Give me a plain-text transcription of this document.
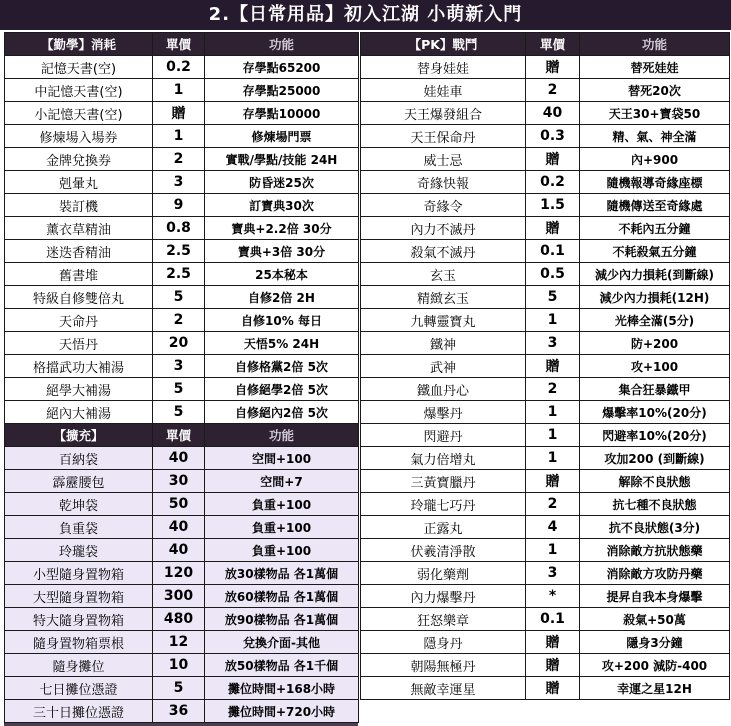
2.【日常用品】初入江湖 小萌新入門
【勤學】消耗	單價	功能
記憶天書(空)	0.2	存學點65200
中記憶天書(空)	1	存學點25000
小記憶天書(空)	贈	存學點10000
修煉場入場券	1	修煉場門票
金牌兌換券	2	實戰/學點/技能 24H
剋暈丸	3	防昏迷25次
裝訂機	9	訂寶典30次
薰衣草精油	0.8	寶典+2.2倍 30分
迷迭香精油	2.5	寶典+3倍 30分
舊書堆	2.5	25本秘本
特級自修雙倍丸	5	自修2倍 2H
天命丹	2	自修10% 每日
天悟丹	20	天悟5% 24H
格擋武功大補湯	3	自修格黨2倍 5次
絕學大補湯	5	自修絕學2倍 5次
絕內大補湯	5	自修絕內2倍 5次
【擴充】	單價	功能
百納袋	40	空間+100
霹靂腰包	30	空間+7
乾坤袋	50	負重+100
負重袋	40	負重+100
玲瓏袋	40	負重+100
小型隨身置物箱	120	放30樣物品 各1萬個
大型隨身置物箱	300	放60樣物品 各1萬個
特大隨身置物箱	480	放90樣物品 各1萬個
隨身置物箱票根	12	兌換介面-其他
隨身攤位	10	放50樣物品 各1千個
七日攤位憑證	5	攤位時間+168小時
三十日攤位憑證	36	攤位時間+720小時
【PK】戰鬥	單價	功能
替身娃娃	贈	替死娃娃
娃娃車	2	替死20次
天王爆發組合	40	天王30+寶袋50
天王保命丹	0.3	精、氣、神全滿
威士忌	贈	內+900
奇緣快報	0.2	隨機報導奇緣座標
奇緣令	1.5	隨機傳送至奇緣處
內力不滅丹	贈	不耗內五分鐘
殺氣不滅丹	0.1	不耗殺氣五分鐘
玄玉	0.5	減少內力損耗(到斷線)
精緻玄玉	5	減少內力損耗(12H)
九轉靈寶丸	1	光棒全滿(5分)
鐵神	3	防+200
武神	贈	攻+100
鐵血丹心	2	集合狂暴鐵甲
爆擊丹	1	爆擊率10%(20分)
閃避丹	1	閃避率10%(20分)
氣力倍增丸	1	攻加200 (到斷線)
三黃寶臘丹	贈	解除不良狀態
玲瓏七巧丹	2	抗七種不良狀態
正露丸	4	抗不良狀態(3分)
伏羲清淨散	1	消除敵方抗狀態藥
弱化藥劑	3	消除敵方攻防丹藥
內力爆擊丹	*	提昇自我本身爆擊
狂怒樂章	0.1	殺氣+50萬
隱身丹	贈	隱身3分鐘
朝陽無極丹	贈	攻+200 減防-400
無敵幸運星	贈	幸運之星12H
